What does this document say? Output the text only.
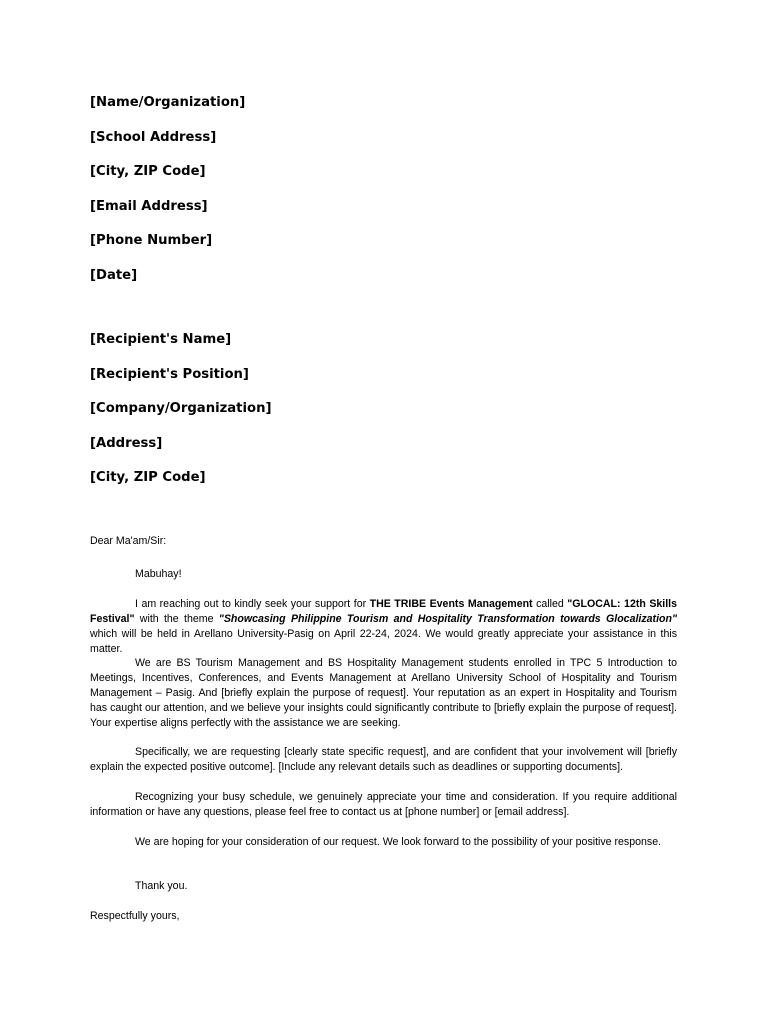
[Name/Organization]
[School Address]
[City, ZIP Code]
[Email Address]
[Phone Number]
[Date]
[Recipient's Name]
[Recipient's Position]
[Company/Organization]
[Address]
[City, ZIP Code]
Dear Ma'am/Sir:
Mabuhay!
I am reaching out to kindly seek your support for THE TRIBE Events Management called "GLOCAL: 12th Skills Festival" with the theme "Showcasing Philippine Tourism and Hospitality Transformation towards Glocalization" which will be held in Arellano University-Pasig on April 22-24, 2024. We would greatly appreciate your assistance in this matter.
We are BS Tourism Management and BS Hospitality Management students enrolled in TPC 5 Introduction to Meetings, Incentives, Conferences, and Events Management at Arellano University School of Hospitality and Tourism Management – Pasig. And [briefly explain the purpose of request]. Your reputation as an expert in Hospitality and Tourism has caught our attention, and we believe your insights could significantly contribute to [briefly explain the purpose of request]. Your expertise aligns perfectly with the assistance we are seeking.
Specifically, we are requesting [clearly state specific request], and are confident that your involvement will [briefly explain the expected positive outcome]. [Include any relevant details such as deadlines or supporting documents].
Recognizing your busy schedule, we genuinely appreciate your time and consideration. If you require additional information or have any questions, please feel free to contact us at [phone number] or [email address].
We are hoping for your consideration of our request. We look forward to the possibility of your positive response.
Thank you.
Respectfully yours,
